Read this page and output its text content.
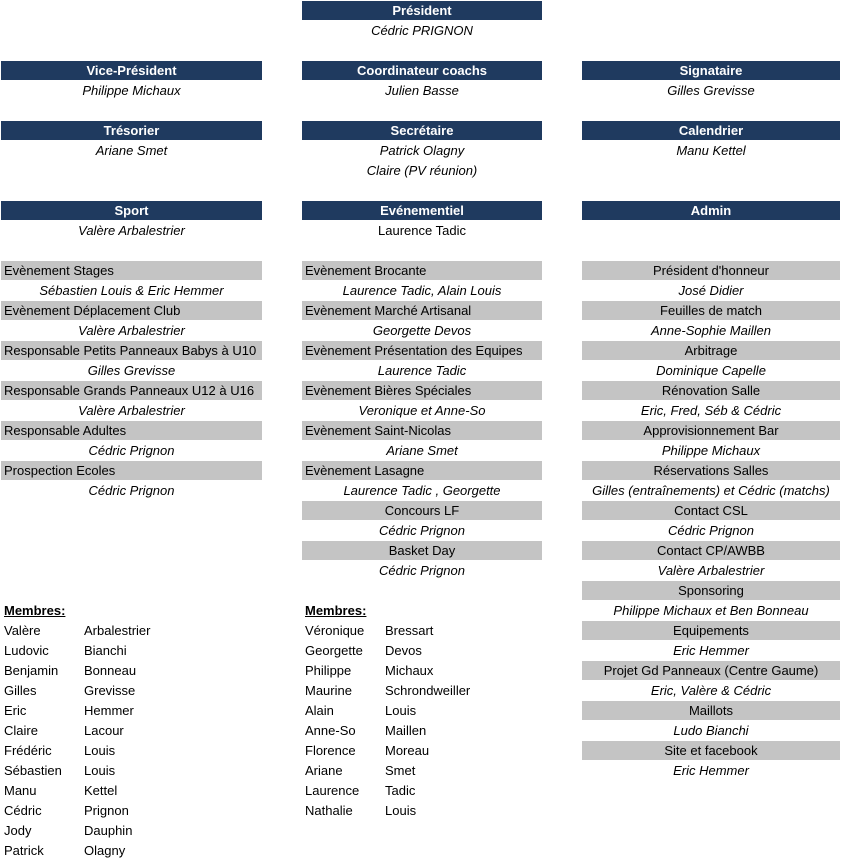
Président
Cédric PRIGNON
Vice-Président
Philippe Michaux
Coordinateur coachs
Julien Basse
Signataire
Gilles Grevisse
Trésorier
Ariane Smet
Secrétaire
Patrick Olagny
Claire (PV réunion)
Calendrier
Manu Kettel
Sport
Valère Arbalestrier
Evénementiel
Laurence Tadic
Admin
Evènement Stages
Sébastien Louis & Eric Hemmer
Evènement Déplacement Club
Valère Arbalestrier
Responsable Petits Panneaux Babys à U10
Gilles Grevisse
Responsable Grands Panneaux U12 à U16
Valère Arbalestrier
Responsable Adultes
Cédric Prignon
Prospection Ecoles
Cédric Prignon
Evènement Brocante
Laurence Tadic, Alain Louis
Evènement Marché Artisanal
Georgette Devos
Evènement Présentation des Equipes
Laurence Tadic
Evènement Bières Spéciales
Veronique et Anne-So
Evènement Saint-Nicolas
Ariane Smet
Evènement Lasagne
Laurence Tadic , Georgette
Concours LF
Cédric Prignon
Basket Day
Cédric Prignon
Président d'honneur
José Didier
Feuilles de match
Anne-Sophie Maillen
Arbitrage
Dominique Capelle
Rénovation Salle
Eric, Fred, Séb & Cédric
Approvisionnement Bar
Philippe Michaux
Réservations Salles
Gilles (entraînements) et Cédric (matchs)
Contact CSL
Cédric Prignon
Contact CP/AWBB
Valère Arbalestrier
Sponsoring
Philippe Michaux et Ben Bonneau
Equipements
Eric Hemmer
Projet Gd Panneaux (Centre Gaume)
Eric, Valère & Cédric
Maillots
Ludo Bianchi
Site et facebook
Eric Hemmer
Membres:
Valère	Arbalestrier
Ludovic	Bianchi
Benjamin	Bonneau
Gilles	Grevisse
Eric	Hemmer
Claire	Lacour
Frédéric	Louis
Sébastien	Louis
Manu	Kettel
Cédric	Prignon
Jody	Dauphin
Patrick	Olagny
Membres:
Véronique	Bressart
Georgette	Devos
Philippe	Michaux
Maurine	Schrondweiller
Alain	Louis
Anne-So	Maillen
Florence	Moreau
Ariane	Smet
Laurence	Tadic
Nathalie	Louis
